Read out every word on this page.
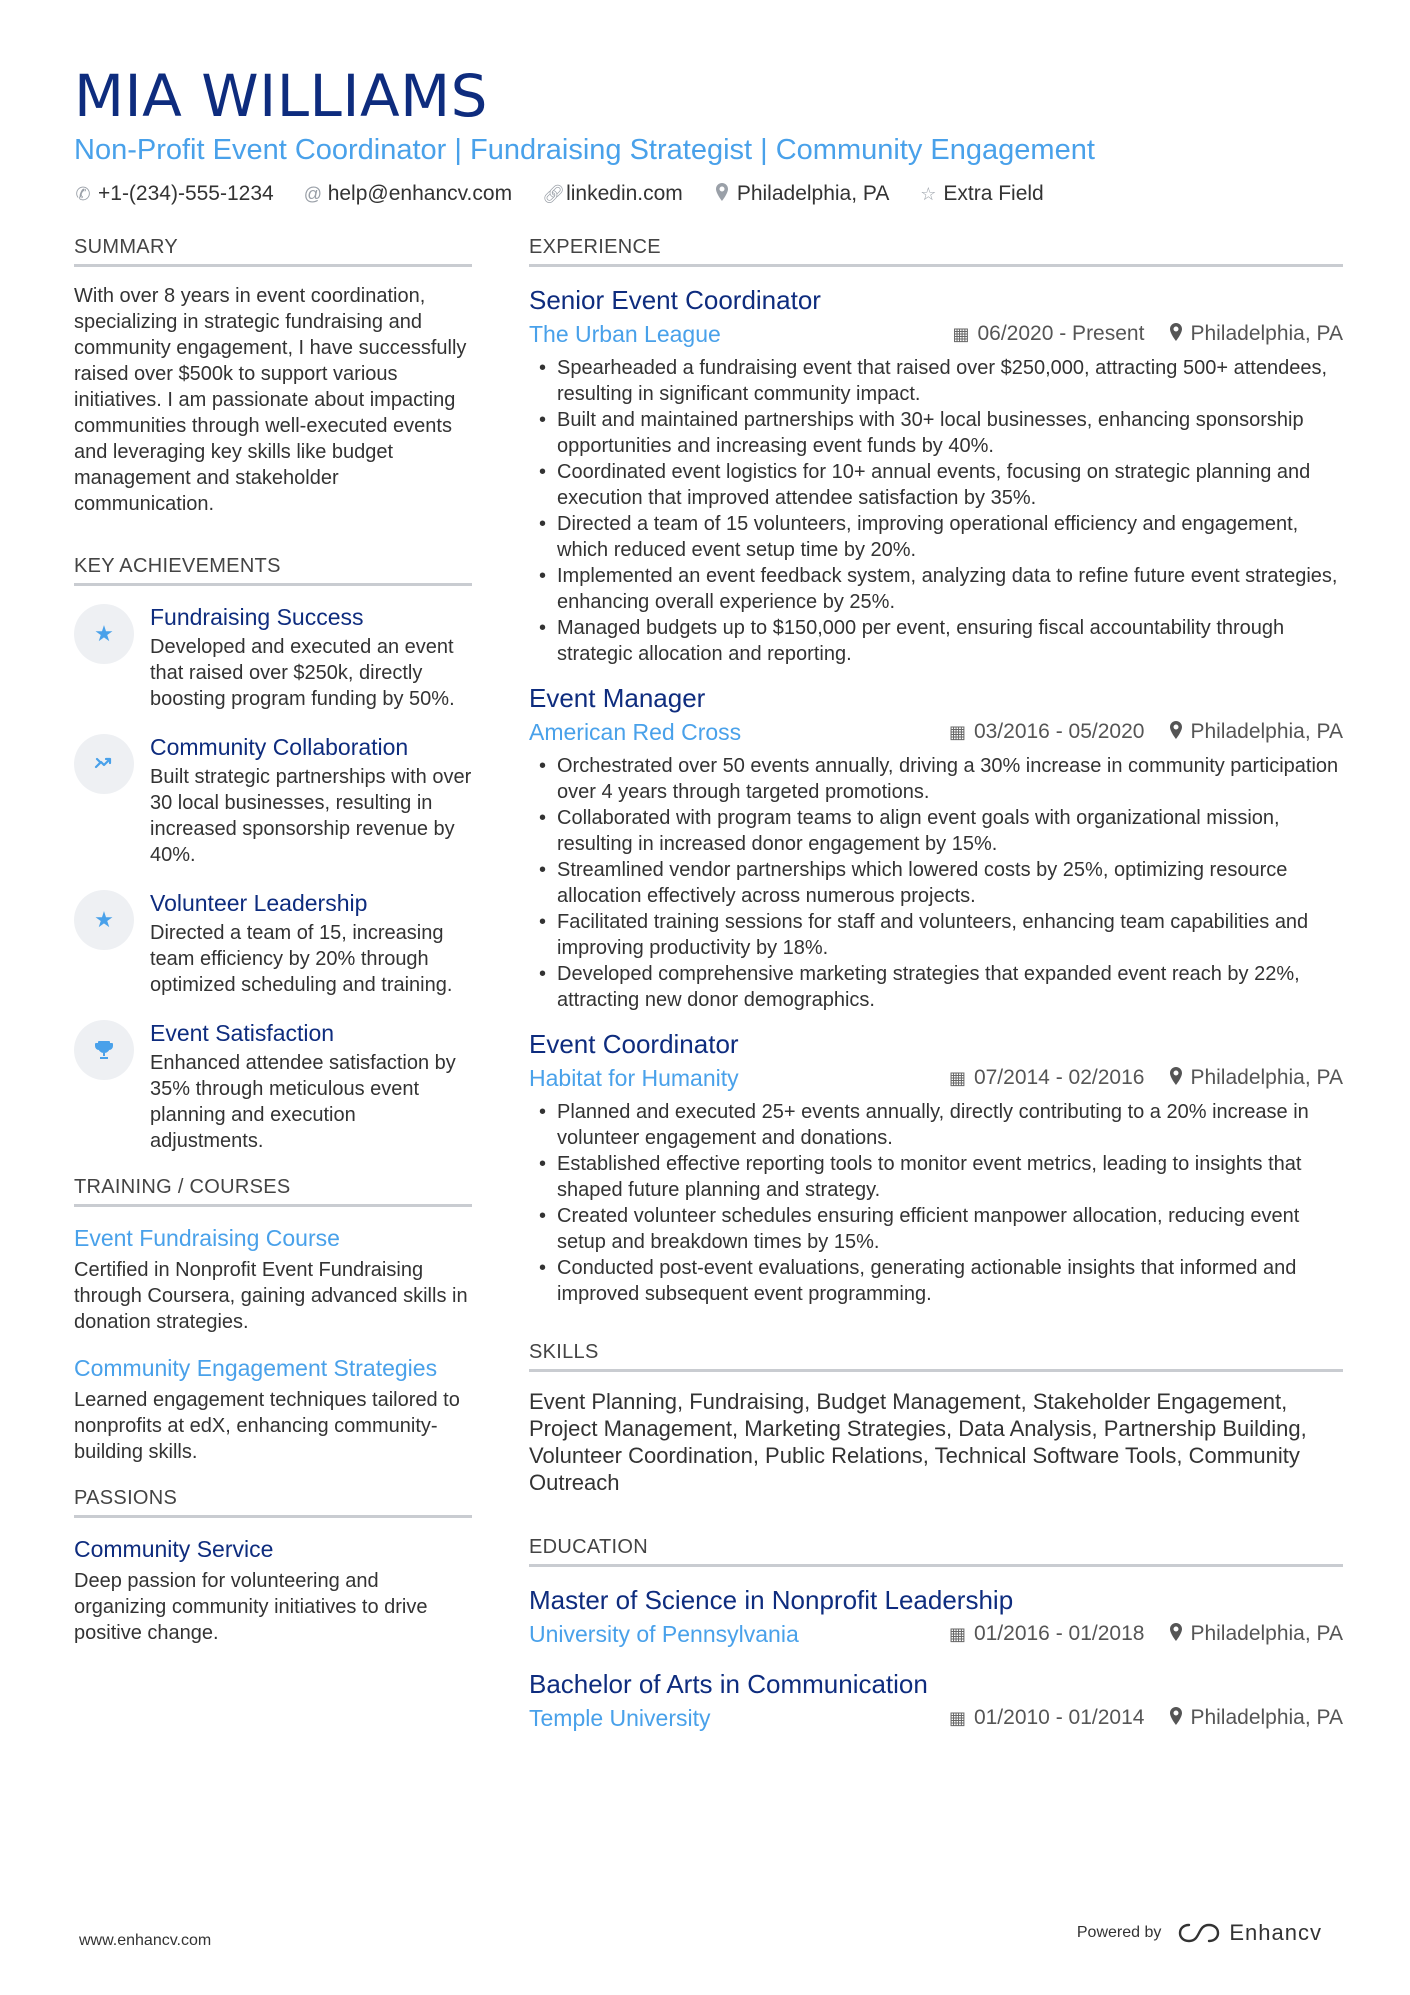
MIA WILLIAMS
Non-Profit Event Coordinator | Fundraising Strategist | Community Engagement
✆ +1-(234)-555-1234 @ help@enhancv.com 🔗︎ linkedin.com	Philadelphia, PA ☆ Extra Field
SUMMARY
With over 8 years in event coordination, specializing in strategic fundraising and community engagement, I have successfully raised over $500k to support various initiatives. I am passionate about impacting communities through well-executed events and leveraging key skills like budget management and stakeholder communication.
KEY ACHIEVEMENTS
★
Fundraising Success
Developed and executed an event that raised over $250k, directly boosting program funding by 50%.
Community Collaboration
Built strategic partnerships with over 30 local businesses, resulting in increased sponsorship revenue by 40%.
★
Volunteer Leadership
Directed a team of 15, increasing team efficiency by 20% through optimized scheduling and training.
Event Satisfaction
Enhanced attendee satisfaction by 35% through meticulous event planning and execution adjustments.
TRAINING / COURSES
Event Fundraising Course
Certified in Nonprofit Event Fundraising through Coursera, gaining advanced skills in donation strategies.
Community Engagement Strategies
Learned engagement techniques tailored to nonprofits at edX, enhancing community-building skills.
PASSIONS
Community Service
Deep passion for volunteering and organizing community initiatives to drive positive change.
EXPERIENCE
Senior Event Coordinator
The Urban League	▦ 06/2020 - Present Philadelphia, PA
• Spearheaded a fundraising event that raised over $250,000, attracting 500+ attendees, resulting in significant community impact.
• Built and maintained partnerships with 30+ local businesses, enhancing sponsorship opportunities and increasing event funds by 40%.
• Coordinated event logistics for 10+ annual events, focusing on strategic planning and execution that improved attendee satisfaction by 35%.
• Directed a team of 15 volunteers, improving operational efficiency and engagement, which reduced event setup time by 20%.
• Implemented an event feedback system, analyzing data to refine future event strategies, enhancing overall experience by 25%.
• Managed budgets up to $150,000 per event, ensuring fiscal accountability through strategic allocation and reporting.
Event Manager
American Red Cross	▦ 03/2016 - 05/2020 Philadelphia, PA
• Orchestrated over 50 events annually, driving a 30% increase in community participation over 4 years through targeted promotions.
• Collaborated with program teams to align event goals with organizational mission, resulting in increased donor engagement by 15%.
• Streamlined vendor partnerships which lowered costs by 25%, optimizing resource allocation effectively across numerous projects.
• Facilitated training sessions for staff and volunteers, enhancing team capabilities and improving productivity by 18%.
• Developed comprehensive marketing strategies that expanded event reach by 22%, attracting new donor demographics.
Event Coordinator
Habitat for Humanity	▦ 07/2014 - 02/2016 Philadelphia, PA
• Planned and executed 25+ events annually, directly contributing to a 20% increase in volunteer engagement and donations.
• Established effective reporting tools to monitor event metrics, leading to insights that shaped future planning and strategy.
• Created volunteer schedules ensuring efficient manpower allocation, reducing event setup and breakdown times by 15%.
• Conducted post-event evaluations, generating actionable insights that informed and improved subsequent event programming.
SKILLS
Event Planning, Fundraising, Budget Management, Stakeholder Engagement, Project Management, Marketing Strategies, Data Analysis, Partnership Building, Volunteer Coordination, Public Relations, Technical Software Tools, Community Outreach
EDUCATION
Master of Science in Nonprofit Leadership
University of Pennsylvania	▦ 01/2016 - 01/2018 Philadelphia, PA
Bachelor of Arts in Communication
Temple University	▦ 01/2010 - 01/2014 Philadelphia, PA
www.enhancv.com	Powered by	Enhancv
